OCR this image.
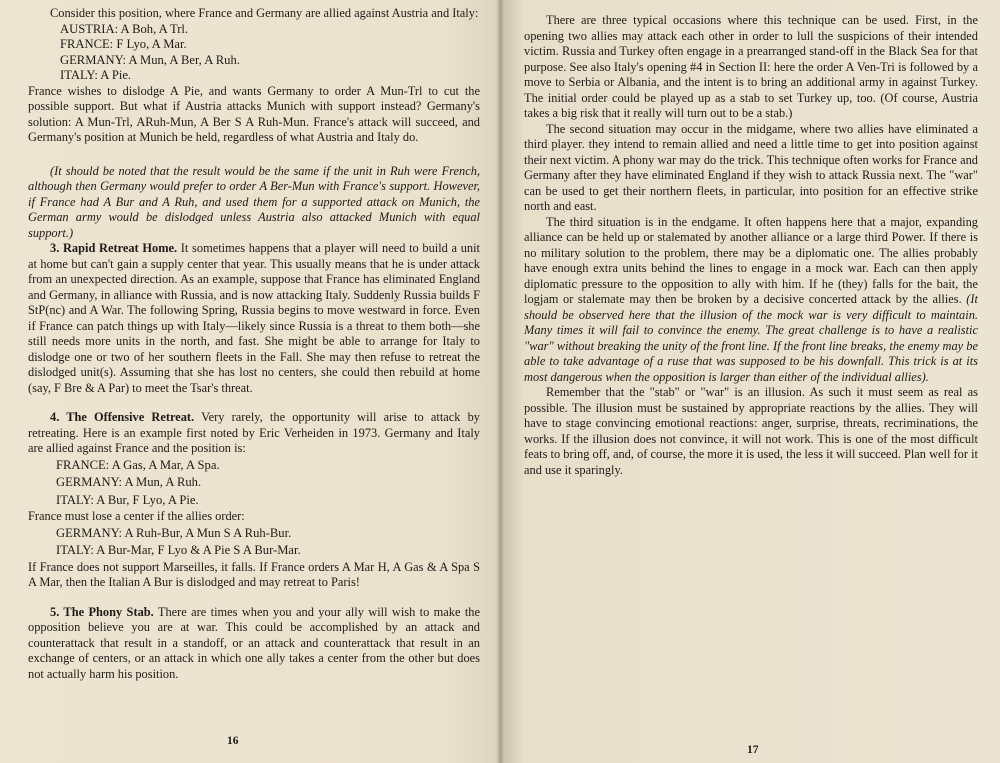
Consider this position, where France and Germany are allied against Austria and Italy:

AUSTRIA: A Boh, A Trl.
FRANCE: F Lyo, A Mar.
GERMANY: A Mun, A Ber, A Ruh.
ITALY: A Pie.

France wishes to dislodge A Pie, and wants Germany to order A Mun-Trl to cut the possible support. But what if Austria attacks Munich with support instead? Germany's solution: A Mun-Trl, ARuh-Mun, A Ber S A Ruh-Mun. France's attack will succeed, and Germany's position at Munich be held, regardless of what Austria and Italy do.

(It should be noted that the result would be the same if the unit in Ruh were French, although then Germany would prefer to order A Ber-Mun with France's support. However, if France had A Bur and A Ruh, and used them for a supported attack on Munich, the German army would be dislodged unless Austria also attacked Munich with equal support.)

3. Rapid Retreat Home. It sometimes happens that a player will need to build a unit at home but can't gain a supply center that year. This usually means that he is under attack from an unexpected direction. As an example, suppose that France has eliminated England and Germany, in alliance with Russia, and is now attacking Italy. Suddenly Russia builds F StP(nc) and A War. The following Spring, Russia begins to move westward in force. Even if France can patch things up with Italy—likely since Russia is a threat to them both—she still needs more units in the north, and fast. She might be able to arrange for Italy to dislodge one or two of her southern fleets in the Fall. She may then refuse to retreat the dislodged unit(s). Assuming that she has lost no centers, she could then rebuild at home (say, F Bre & A Par) to meet the Tsar's threat.

4. The Offensive Retreat. Very rarely, the opportunity will arise to attack by retreating. Here is an example first noted by Eric Verheiden in 1973. Germany and Italy are allied against France and the position is:

FRANCE: A Gas, A Mar, A Spa.
GERMANY: A Mun, A Ruh.
ITALY: A Bur, F Lyo, A Pie.

France must lose a center if the allies order:

GERMANY: A Ruh-Bur, A Mun S A Ruh-Bur.
ITALY: A Bur-Mar, F Lyo & A Pie S A Bur-Mar.

If France does not support Marseilles, it falls. If France orders A Mar H, A Gas & A Spa S A Mar, then the Italian A Bur is dislodged and may retreat to Paris!

5. The Phony Stab. There are times when you and your ally will wish to make the opposition believe you are at war. This could be accomplished by an attack and counterattack that result in a standoff, or an attack and counterattack that result in an exchange of centers, or an attack in which one ally takes a center from the other but does not actually harm his position.

16

There are three typical occasions where this technique can be used. First, in the opening two allies may attack each other in order to lull the suspicions of their intended victim. Russia and Turkey often engage in a prearranged stand-off in the Black Sea for that purpose. See also Italy's opening #4 in Section II: here the order A Ven-Tri is followed by a move to Serbia or Albania, and the intent is to bring an additional army in against Turkey. The initial order could be played up as a stab to set Turkey up, too. (Of course, Austria takes a big risk that it really will turn out to be a stab.)

The second situation may occur in the midgame, where two allies have eliminated a third player. they intend to remain allied and need a little time to get into position against their next victim. A phony war may do the trick. This technique often works for France and Germany after they have eliminated England if they wish to attack Russia next. The "war" can be used to get their northern fleets, in particular, into position for an effective strike north and east.

The third situation is in the endgame. It often happens here that a major, expanding alliance can be held up or stalemated by another alliance or a large third Power. If there is no military solution to the problem, there may be a diplomatic one. The allies probably have enough extra units behind the lines to engage in a mock war. Each can then apply diplomatic pressure to the opposition to ally with him. If he (they) falls for the bait, the logjam or stalemate may then be broken by a decisive concerted attack by the allies. (It should be observed here that the illusion of the mock war is very difficult to maintain. Many times it will fail to convince the enemy. The great challenge is to have a realistic "war" without breaking the unity of the front line. If the front line breaks, the enemy may be able to take advantage of a ruse that was supposed to be his downfall. This trick is at its most dangerous when the opposition is larger than either of the individual allies).

Remember that the "stab" or "war" is an illusion. As such it must seem as real as possible. The illusion must be sustained by appropriate reactions by the allies. They will have to stage convincing emotional reactions: anger, surprise, threats, recriminations, the works. If the illusion does not convince, it will not work. This is one of the most difficult feats to bring off, and, of course, the more it is used, the less it will succeed. Plan well for it and use it sparingly.

17
